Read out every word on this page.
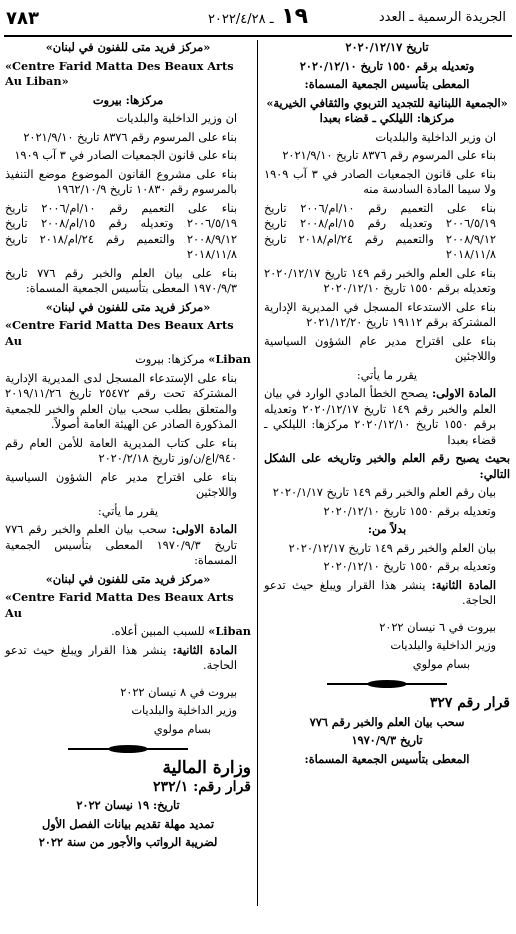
الجريدة الرسمية ـ العدد
١٩ ـ ٢٠٢٢/٤/٢٨
٧٨٣

تاريخ ٢٠٢٠/١٢/١٧

وتعديله برقم ١٥٥٠ تاريخ ٢٠٢٠/١٢/١٠

المعطى بتأسيس الجمعية المسماة:

«الجمعية اللبنانية للتجديد التربوي والثقافي الخيرية» مركزها: الليلكي ـ قضاء بعبدا

ان وزير الداخلية والبلديات

بناء على المرسوم رقم ٨٣٧٦ تاريخ ٢٠٢١/٩/١٠

بناء على قانون الجمعيات الصادر في ٣ آب ١٩٠٩ ولا سيما المادة السادسة منه

بناء على التعميم رقم ١٠/ام/٢٠٠٦ تاريخ ٢٠٠٦/٥/١٩ وتعديله رقم ١٥/ام/٢٠٠٨ تاريخ ٢٠٠٨/٩/١٢ والتعميم رقم ٢٤/ام/٢٠١٨ تاريخ ٢٠١٨/١١/٨

بناء على العلم والخبر رقم ١٤٩ تاريخ ٢٠٢٠/١٢/١٧ وتعديله برقم ١٥٥٠ تاريخ ٢٠٢٠/١٢/١٠

بناء على الاستدعاء المسجل في المديرية الإدارية المشتركة برقم ١٩١١٢ تاريخ ٢٠٢١/١٢/٢٠

بناء على اقتراح مدير عام الشؤون السياسية واللاجئين

يقرر ما يأتي:

المادة الاولى: يصحح الخطأ المادي الوارد في بيان العلم والخبر رقم ١٤٩ تاريخ ٢٠٢٠/١٢/١٧ وتعديله برقم ١٥٥٠ تاريخ ٢٠٢٠/١٢/١٠ مركزها: الليلكي ـ قضاء بعبدا

بحيث يصبح رقم العلم والخبر وتاريخه على الشكل التالي:

بيان رقم العلم والخبر رقم ١٤٩ تاريخ ٢٠٢٠/١/١٧

وتعديله برقم ١٥٥٠ تاريخ ٢٠٢٠/١٢/١٠

بدلاً من:

بيان العلم والخبر رقم ١٤٩ تاريخ ٢٠٢٠/١٢/١٧

وتعديله برقم ١٥٥٠ تاريخ ٢٠٢٠/١٢/١٠

المادة الثانية: ينشر هذا القرار ويبلغ حيث تدعو الحاجة.

بيروت في ٦ نيسان ٢٠٢٢

وزير الداخلية والبلديات

بسام مولوي

قرار رقم ٣٢٧

سحب بيان العلم والخبر رقم ٧٧٦

تاريخ ١٩٧٠/٩/٣

المعطى بتأسيس الجمعية المسماة:

«مركز فريد متى للفنون في لبنان»

«Centre Farid Matta Des Beaux Arts Au Liban»

مركزها: بيروت

ان وزير الداخلية والبلديات

بناء على المرسوم رقم ٨٣٧٦ تاريخ ٢٠٢١/٩/١٠

بناء على قانون الجمعيات الصادر في ٣ آب ١٩٠٩

بناء على مشروع القانون الموضوع موضع التنفيذ بالمرسوم رقم ١٠٨٣٠ تاريخ ١٩٦٢/١٠/٩

بناء على التعميم رقم ١٠/ام/٢٠٠٦ تاريخ ٢٠٠٦/٥/١٩ وتعديله رقم ١٥/ام/٢٠٠٨ تاريخ ٢٠٠٨/٩/١٢ والتعميم رقم ٢٤/ام/٢٠١٨ تاريخ ٢٠١٨/١١/٨

بناء على بيان العلم والخبر رقم ٧٧٦ تاريخ ١٩٧٠/٩/٣ المعطى بتأسيس الجمعية المسماة:

«مركز فريد متى للفنون في لبنان»

«Centre Farid Matta Des Beaux Arts Au

Liban» مركزها: بيروت

بناء على الإستدعاء المسجل لدى المديرية الإدارية المشتركة تحت رقم ٢٥٤٧٢ تاريخ ٢٠١٩/١١/٢٦ والمتعلق بطلب سحب بيان العلم والخبر للجمعية المذكورة الصادر عن الهيئة العامة أصولاً.

بناء على كتاب المديرية العامة للأمن العام رقم ٩٤٠/اع/ن/وز تاريخ ٢٠٢٠/٢/١٨

بناء على اقتراح مدير عام الشؤون السياسية واللاجئين

يقرر ما يأتي:

المادة الاولى: سحب بيان العلم والخبر رقم ٧٧٦ تاريخ ١٩٧٠/٩/٣ المعطى بتأسيس الجمعية المسماة:

«مركز فريد متى للفنون في لبنان»

«Centre Farid Matta Des Beaux Arts Au

Liban» للسبب المبين أعلاه.

المادة الثانية: ينشر هذا القرار ويبلغ حيث تدعو الحاجة.

بيروت في ٨ نيسان ٢٠٢٢

وزير الداخلية والبلديات

بسام مولوي

وزارة المالية

قرار رقم: ٢٣٢/١

تاريخ: ١٩ نيسان ٢٠٢٢

تمديد مهلة تقديم بيانات الفصل الأول

لضريبة الرواتب والأجور من سنة ٢٠٢٢
